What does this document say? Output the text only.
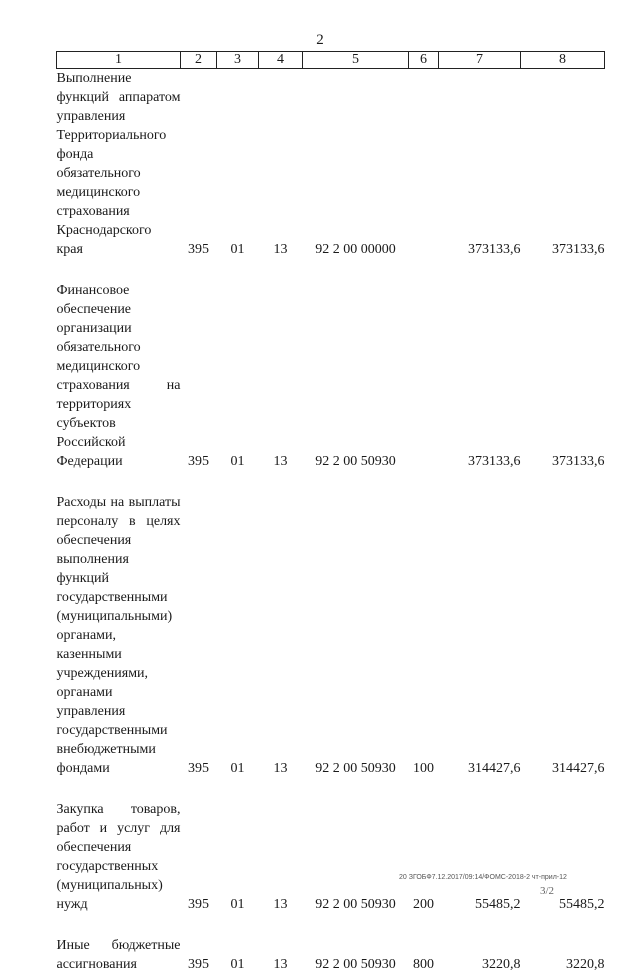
2
1	2	3	4	5	6	7	8
Выполнение функций аппаратом управления Территориального фонда обязательного медицинского страхования Краснодарского края	395	01	13	92 2 00 00000		373133,6	373133,6

Финансовое обеспечение организации обязательного медицинского страхования на территориях субъектов Российской Федерации	395	01	13	92 2 00 50930		373133,6	373133,6

Расходы на выплаты персоналу в целях обеспечения выполнения функций государственными (муниципальными) органами, казенными учреждениями, органами управления государственными внебюджетными фондами	395	01	13	92 2 00 50930	100	314427,6	314427,6

Закупка товаров, работ и услуг для обеспечения государственных (муниципальных) нужд	395	01	13	92 2 00 50930	200	55485,2	55485,2

Иные бюджетные ассигнования	395	01	13	92 2 00 50930	800	3220,8	3220,8
20 ЗГОБФ7.12.2017/09:14/ФОМС-2018-2 чт-прил-12
3/2
